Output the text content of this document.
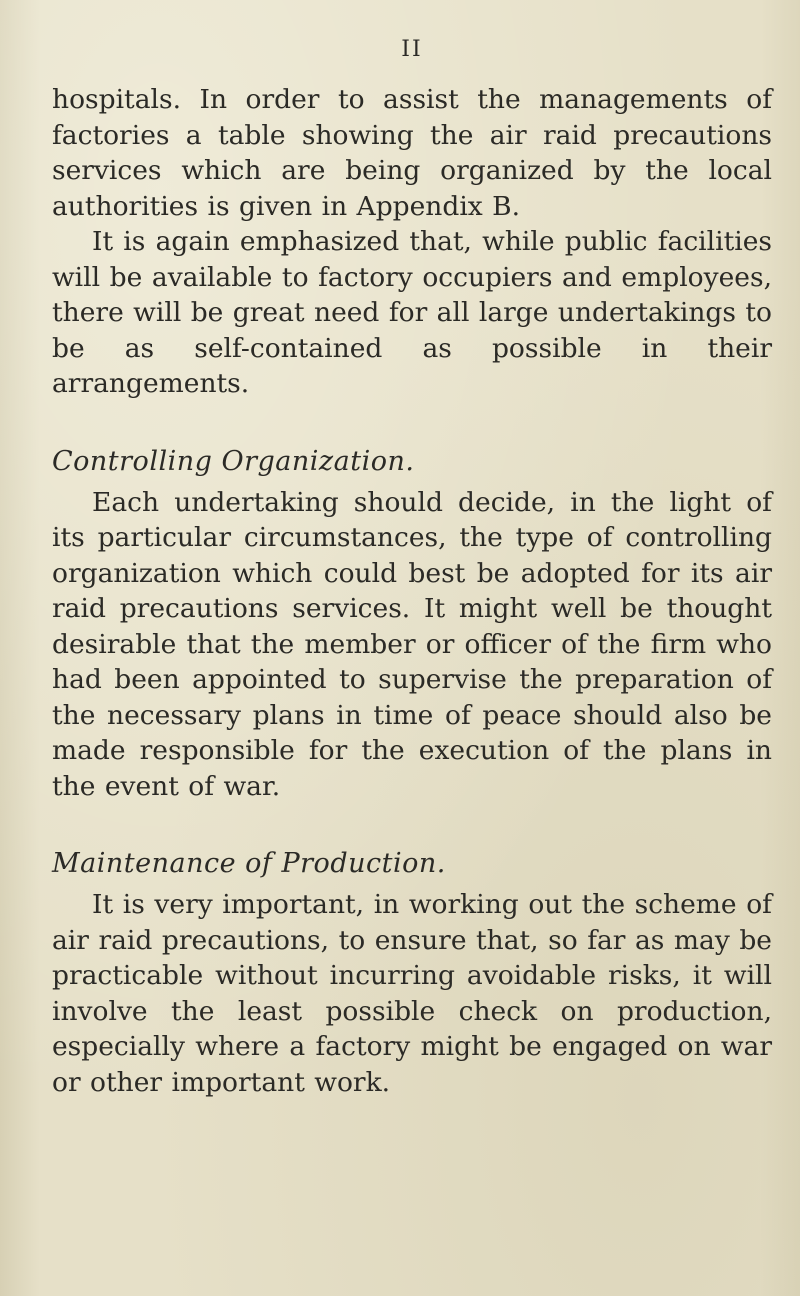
II

hospitals. In order to assist the managements of factories a table showing the air raid precautions services which are being organized by the local authorities is given in Appendix B.

It is again emphasized that, while public facilities will be available to factory occupiers and employees, there will be great need for all large undertakings to be as self-contained as possible in their arrangements.

Controlling Organization.

Each undertaking should decide, in the light of its particular circumstances, the type of controlling organization which could best be adopted for its air raid precautions services. It might well be thought desirable that the member or officer of the firm who had been appointed to supervise the preparation of the necessary plans in time of peace should also be made responsible for the execution of the plans in the event of war.

Maintenance of Production.

It is very important, in working out the scheme of air raid precautions, to ensure that, so far as may be practicable without incurring avoidable risks, it will involve the least possible check on production, especially where a factory might be engaged on war or other important work.
